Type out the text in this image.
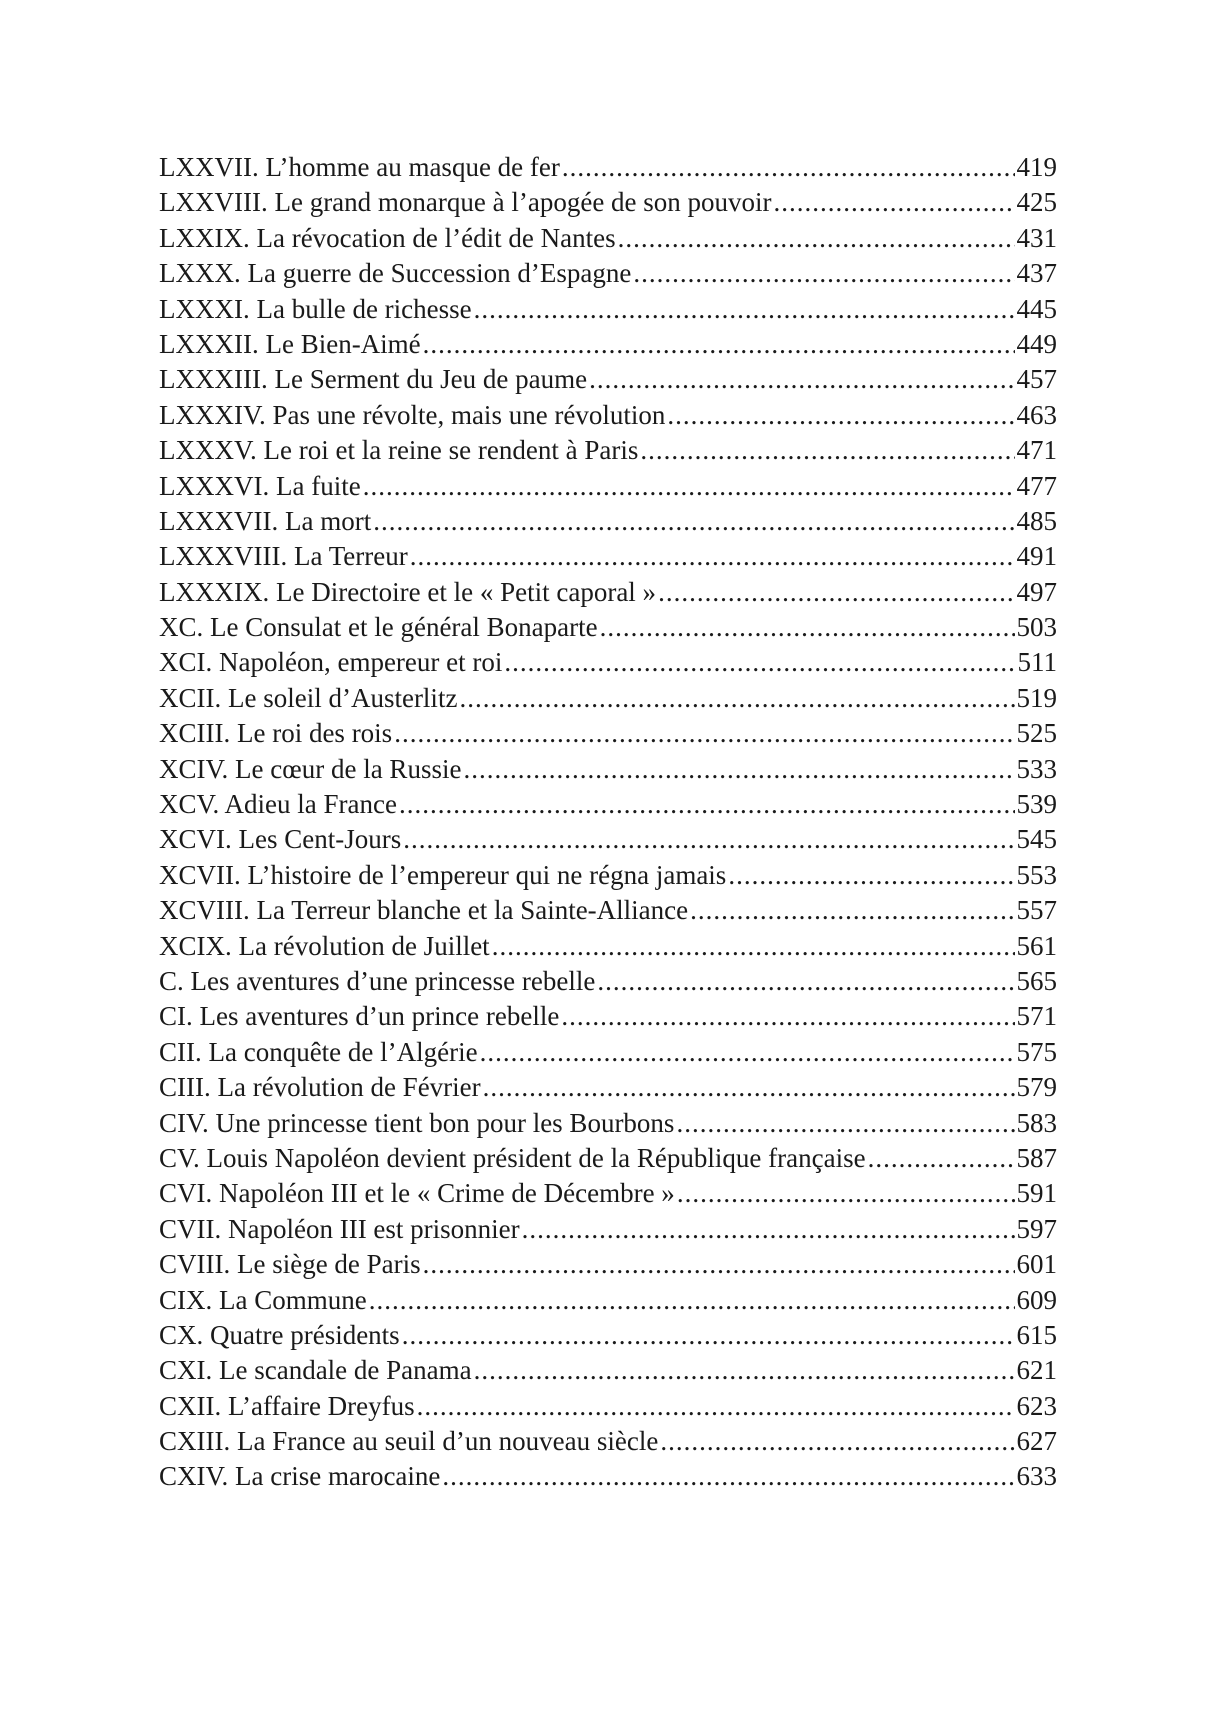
LXXVII. L’homme au masque de fer .....	419
LXXVIII. Le grand monarque à l’apogée de son pouvoir .....	425
LXXIX. La révocation de l’édit de Nantes .....	431
LXXX. La guerre de Succession d’Espagne .....	437
LXXXI. La bulle de richesse .....	445
LXXXII. Le Bien-Aimé .....	449
LXXXIII. Le Serment du Jeu de paume .....	457
LXXXIV. Pas une révolte, mais une révolution .....	463
LXXXV. Le roi et la reine se rendent à Paris .....	471
LXXXVI. La fuite .....	477
LXXXVII. La mort .....	485
LXXXVIII. La Terreur .....	491
LXXXIX. Le Directoire et le « Petit caporal » .....	497
XC. Le Consulat et le général Bonaparte .....	503
XCI. Napoléon, empereur et roi .....	511
XCII. Le soleil d’Austerlitz .....	519
XCIII. Le roi des rois .....	525
XCIV. Le cœur de la Russie .....	533
XCV. Adieu la France .....	539
XCVI. Les Cent-Jours .....	545
XCVII. L’histoire de l’empereur qui ne régna jamais .....	553
XCVIII. La Terreur blanche et la Sainte-Alliance .....	557
XCIX. La révolution de Juillet .....	561
C. Les aventures d’une princesse rebelle .....	565
CI. Les aventures d’un prince rebelle .....	571
CII. La conquête de l’Algérie .....	575
CIII. La révolution de Février .....	579
CIV. Une princesse tient bon pour les Bourbons .....	583
CV. Louis Napoléon devient président de la République française .....	587
CVI. Napoléon III et le « Crime de Décembre » .....	591
CVII. Napoléon III est prisonnier .....	597
CVIII. Le siège de Paris .....	601
CIX. La Commune .....	609
CX. Quatre présidents .....	615
CXI. Le scandale de Panama .....	621
CXII. L’affaire Dreyfus .....	623
CXIII. La France au seuil d’un nouveau siècle .....	627
CXIV. La crise marocaine .....	633
